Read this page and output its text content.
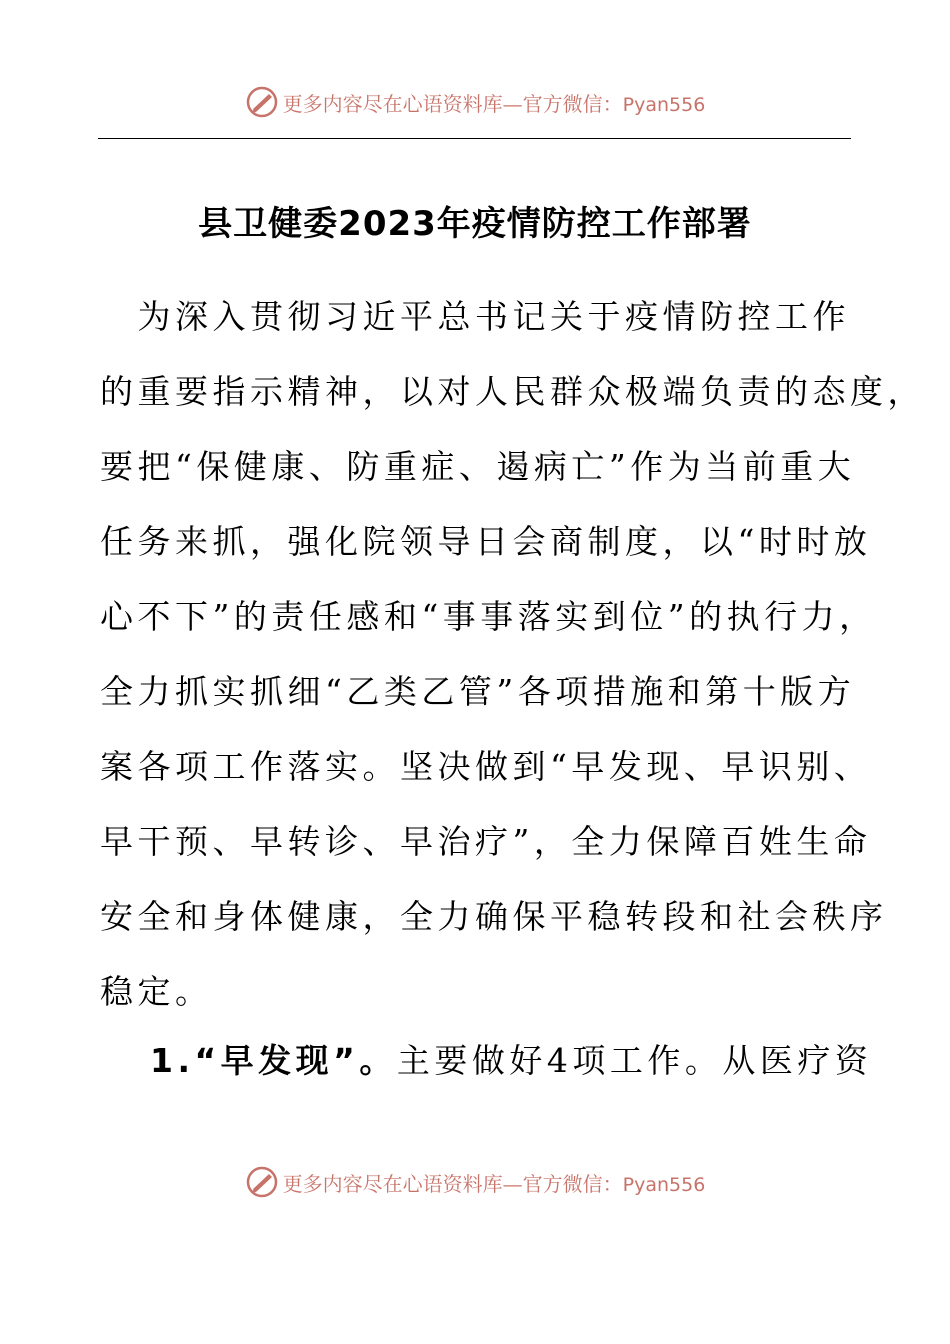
更多内容尽在心语资料库—官方微信：Pyan556
县卫健委2023年疫情防控工作部署
　为深入贯彻习近平总书记关于疫情防控工作
的重要指示精神，以对人民群众极端负责的态度，
要把“保健康、防重症、遏病亡”作为当前重大
任务来抓，强化院领导日会商制度，以“时时放
心不下”的责任感和“事事落实到位”的执行力，
全力抓实抓细“乙类乙管”各项措施和第十版方
案各项工作落实。坚决做到“早发现、早识别、
早干预、早转诊、早治疗”，全力保障百姓生命
安全和身体健康，全力确保平稳转段和社会秩序
稳定。
1.“早发现”。主要做好4项工作。从医疗资
更多内容尽在心语资料库—官方微信：Pyan556
